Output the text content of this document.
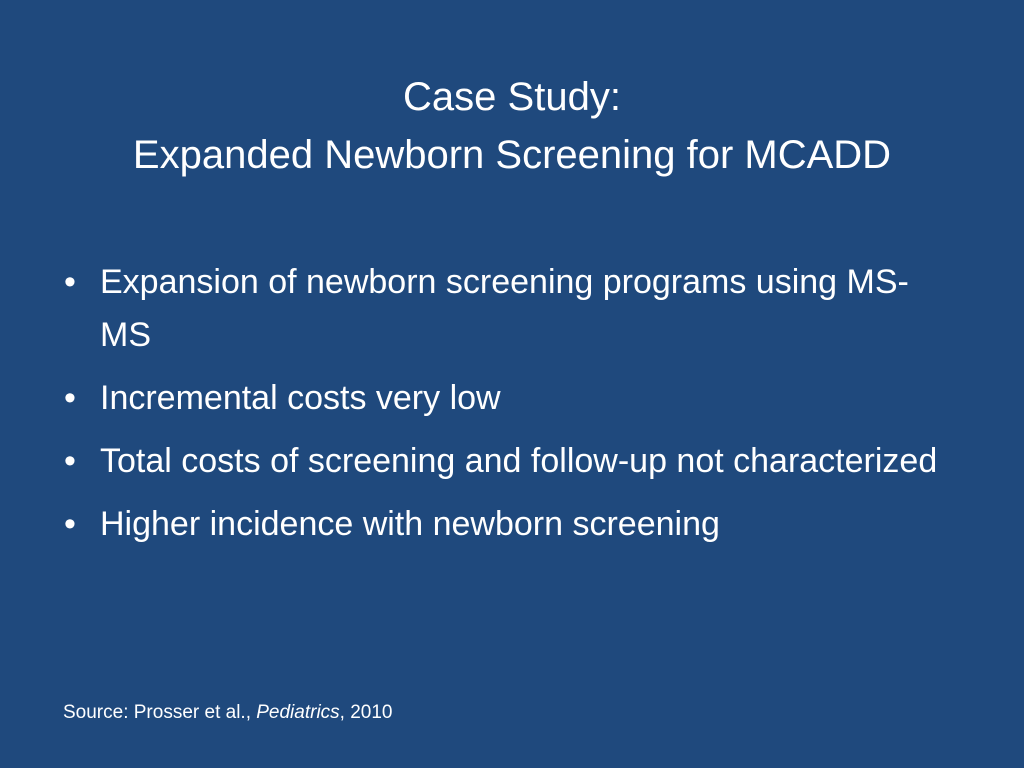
Case Study:
Expanded Newborn Screening for MCADD
• Expansion of newborn screening programs using MS-MS
• Incremental costs very low
• Total costs of screening and follow-up not characterized
• Higher incidence with newborn screening
Source: Prosser et al., Pediatrics, 2010
